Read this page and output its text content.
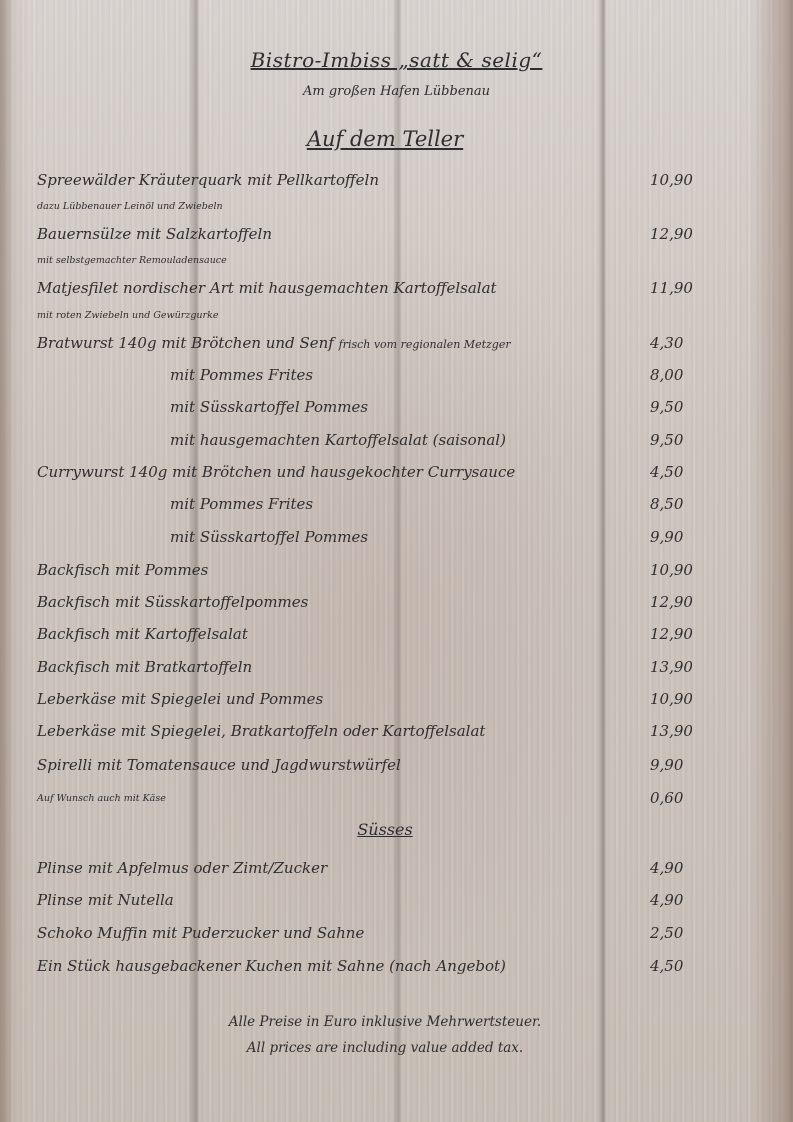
Bistro-Imbiss „satt & selig“
Am großen Hafen Lübbenau
Auf dem Teller
Spreewälder Kräuterquark mit Pellkartoffeln	10,90
dazu Lübbenauer Leinöl und Zwiebeln
Bauernsülze mit Salzkartoffeln	12,90
mit selbstgemachter Remouladensauce
Matjesfilet nordischer Art mit hausgemachten Kartoffelsalat	11,90
mit roten Zwiebeln und Gewürzgurke
Bratwurst 140g mit Brötchen und Senf frisch vom regionalen Metzger	4,30
mit Pommes Frites	8,00
mit Süsskartoffel Pommes	9,50
mit hausgemachten Kartoffelsalat (saisonal)	9,50
Currywurst 140g mit Brötchen und hausgekochter Currysauce	4,50
mit Pommes Frites	8,50
mit Süsskartoffel Pommes	9,90
Backfisch mit Pommes	10,90
Backfisch mit Süsskartoffelpommes	12,90
Backfisch mit Kartoffelsalat	12,90
Backfisch mit Bratkartoffeln	13,90
Leberkäse mit Spiegelei und Pommes	10,90
Leberkäse mit Spiegelei, Bratkartoffeln oder Kartoffelsalat	13,90
Spirelli mit Tomatensauce und Jagdwurstwürfel	9,90
Auf Wunsch auch mit Käse	0,60
Süsses
Plinse mit Apfelmus oder Zimt/Zucker	4,90
Plinse mit Nutella	4,90
Schoko Muffin mit Puderzucker und Sahne	2,50
Ein Stück hausgebackener Kuchen mit Sahne (nach Angebot)	4,50
Alle Preise in Euro inklusive Mehrwertsteuer.
All prices are including value added tax.
